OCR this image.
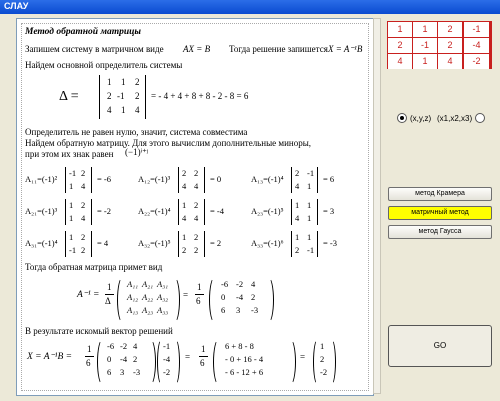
СЛАУ
Метод обратной матрицы
Запишем систему в матричном виде AX = B Тогда решение запишется X = A⁻¹B
Найдем основной определитель системы
Δ =
1 1 2
2 -1 2
4 1 4
= - 4 + 4 + 8 + 8 - 2 - 8 = 6
Определитель не равен нулю, значит, система совместима
Найдем обратную матрицу. Для этого вычислим дополнительные миноры,
при этом их знак равен (−1)ⁱ⁺ʲ
A₁₁=(-1)²
-1 2
1 4
= -6	A₁₂=(-1)³
2 2
4 4
= 0	A₁₃=(-1)⁴
2 -1
4 1
= 6
A₂₁=(-1)³
1 2
1 4
= -2	A₂₂=(-1)⁴
1 2
4 4
= -4	A₂₃=(-1)⁵
1 1
4 1
= 3
A₃₁=(-1)⁴
1 2
-1 2
= 4	A₃₂=(-1)⁵
1 2
2 2
= 2	A₃₃=(-1)⁶
1 1
2 -1
= -3
Тогда обратная матрица примет вид
A⁻¹ =
1
Δ
A₁₁ A₂₁ A₃₁
A₁₂ A₂₂ A₃₂
A₁₃ A₂₃ A₃₃
=
1
6
-6 -2 4
0 -4 2
6 3 -3
В результате искомый вектор решений
X = A⁻¹B =
1
6
-6 -2 4
0 -4 2
6 3 -3
-1
-4
-2
=
1
6
6 + 8 - 8
- 0 + 16 - 4
- 6 - 12 + 6
=
1
2
-2
1	1	2	-1
2	-1	2	-4
4	1	4	-2
(x,y,z) (x1,x2,x3)
метод Крамера
матричный метод
метод Гаусса
GO
